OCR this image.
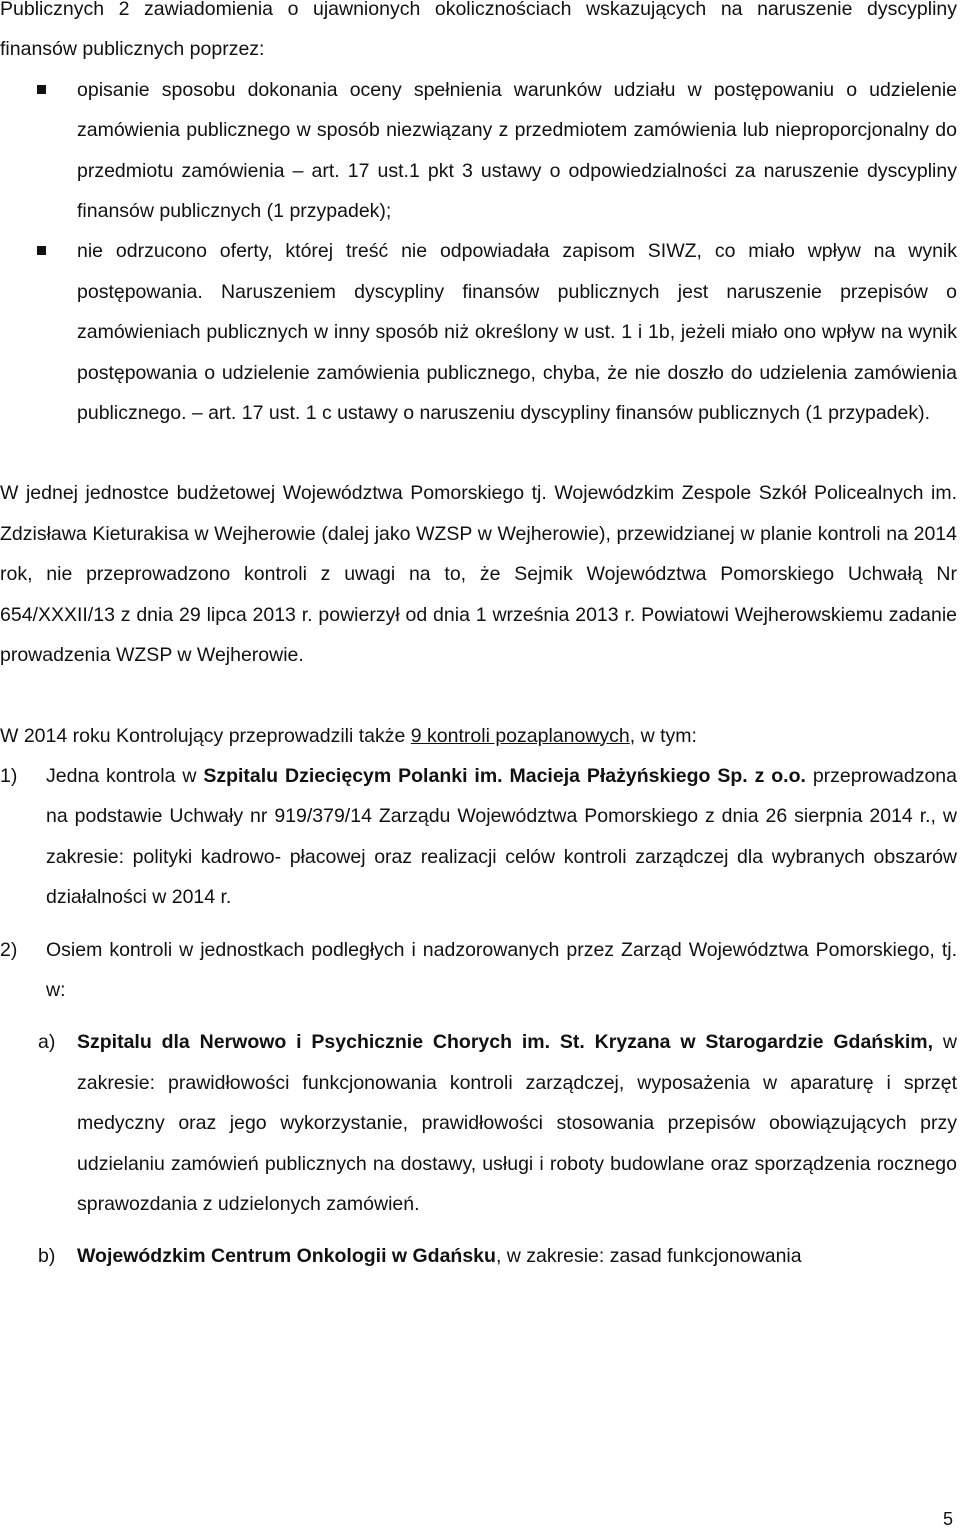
Publicznych 2 zawiadomienia o ujawnionych okolicznościach wskazujących na naruszenie dyscypliny finansów publicznych poprzez:

opisanie sposobu dokonania oceny spełnienia warunków udziału w postępowaniu o udzielenie zamówienia publicznego w sposób niezwiązany z przedmiotem zamówienia lub nieproporcjonalny do przedmiotu zamówienia – art. 17 ust.1 pkt 3 ustawy o odpowiedzialności za naruszenie dyscypliny finansów publicznych (1 przypadek);

nie odrzucono oferty, której treść nie odpowiadała zapisom SIWZ, co miało wpływ na wynik postępowania. Naruszeniem dyscypliny finansów publicznych jest naruszenie przepisów o zamówieniach publicznych w inny sposób niż określony w ust. 1 i 1b, jeżeli miało ono wpływ na wynik postępowania o udzielenie zamówienia publicznego, chyba, że nie doszło do udzielenia zamówienia publicznego. – art. 17 ust. 1 c ustawy o naruszeniu dyscypliny finansów publicznych (1 przypadek).

W jednej jednostce budżetowej Województwa Pomorskiego tj. Wojewódzkim Zespole Szkół Policealnych im. Zdzisława Kieturakisa w Wejherowie (dalej jako WZSP w Wejherowie), przewidzianej w planie kontroli na 2014 rok, nie przeprowadzono kontroli z uwagi na to, że Sejmik Województwa Pomorskiego Uchwałą Nr 654/XXXII/13 z dnia 29 lipca 2013 r. powierzył od dnia 1 września 2013 r. Powiatowi Wejherowskiemu zadanie prowadzenia WZSP w Wejherowie.

W 2014 roku Kontrolujący przeprowadzili także 9 kontroli pozaplanowych, w tym:

1) Jedna kontrola w Szpitalu Dziecięcym Polanki im. Macieja Płażyńskiego Sp. z o.o. przeprowadzona na podstawie Uchwały nr 919/379/14 Zarządu Województwa Pomorskiego z dnia 26 sierpnia 2014 r., w zakresie: polityki kadrowo- płacowej oraz realizacji celów kontroli zarządczej dla wybranych obszarów działalności w 2014 r.

2) Osiem kontroli w jednostkach podległych i nadzorowanych przez Zarząd Województwa Pomorskiego, tj. w:

a) Szpitalu dla Nerwowo i Psychicznie Chorych im. St. Kryzana w Starogardzie Gdańskim, w zakresie: prawidłowości funkcjonowania kontroli zarządczej, wyposażenia w aparaturę i sprzęt medyczny oraz jego wykorzystanie, prawidłowości stosowania przepisów obowiązujących przy udzielaniu zamówień publicznych na dostawy, usługi i roboty budowlane oraz sporządzenia rocznego sprawozdania z udzielonych zamówień.

b) Wojewódzkim Centrum Onkologii w Gdańsku, w zakresie: zasad funkcjonowania

5
